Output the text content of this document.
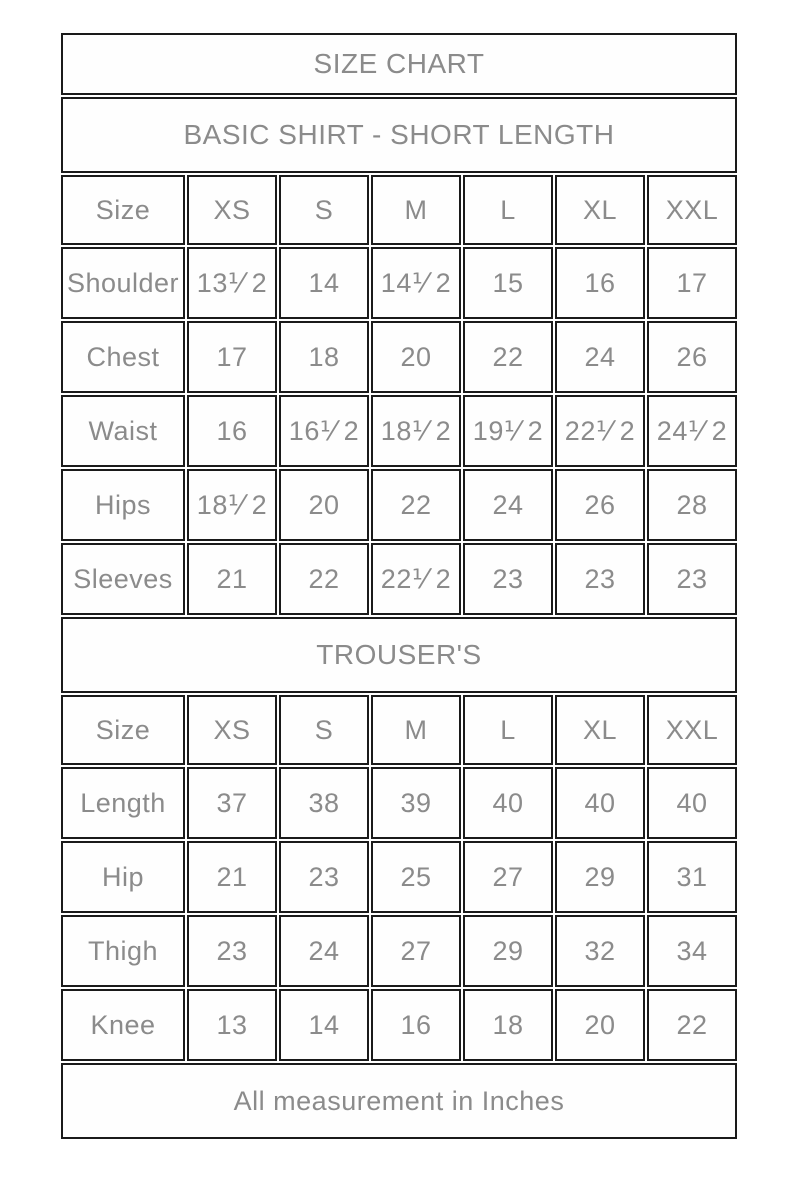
SIZE CHART						
BASIC SHIRT - SHORT LENGTH						
Size	XS	S	M	L	XL	XXL
Shoulder	13⅟ 2	14	14⅟ 2	15	16	17
Chest	17	18	20	22	24	26
Waist	16	16⅟ 2	18⅟ 2	19⅟ 2	22⅟ 2	24⅟ 2
Hips	18⅟ 2	20	22	24	26	28
Sleeves	21	22	22⅟ 2	23	23	23
TROUSER'S						
Size	XS	S	M	L	XL	XXL
Length	37	38	39	40	40	40
Hip	21	23	25	27	29	31
Thigh	23	24	27	29	32	34
Knee	13	14	16	18	20	22
All measurement in Inches						
